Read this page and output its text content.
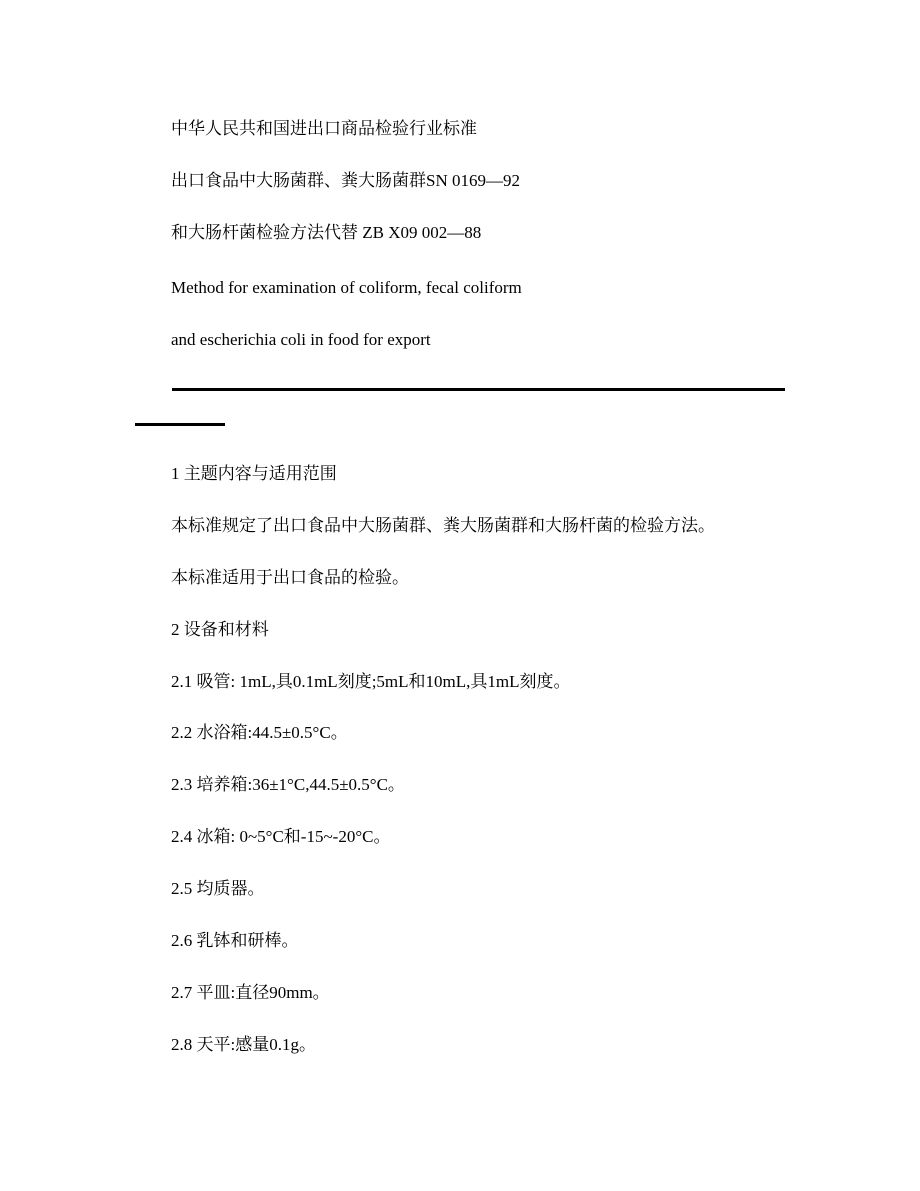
中华人民共和国进出口商品检验行业标准
出口食品中大肠菌群、粪大肠菌群SN 0169—92
和大肠杆菌检验方法代替 ZB X09 002—88
Method for examination of coliform, fecal coliform
and escherichia coli in food for export
1 主题内容与适用范围
本标准规定了出口食品中大肠菌群、粪大肠菌群和大肠杆菌的检验方法。
本标准适用于出口食品的检验。
2 设备和材料
2.1 吸管: 1mL,具0.1mL刻度;5mL和10mL,具1mL刻度。
2.2 水浴箱:44.5±0.5°C。
2.3 培养箱:36±1°C,44.5±0.5°C。
2.4 冰箱: 0~5°C和-15~-20°C。
2.5 均质器。
2.6 乳钵和研棒。
2.7 平皿:直径90mm。
2.8 天平:感量0.1g。
